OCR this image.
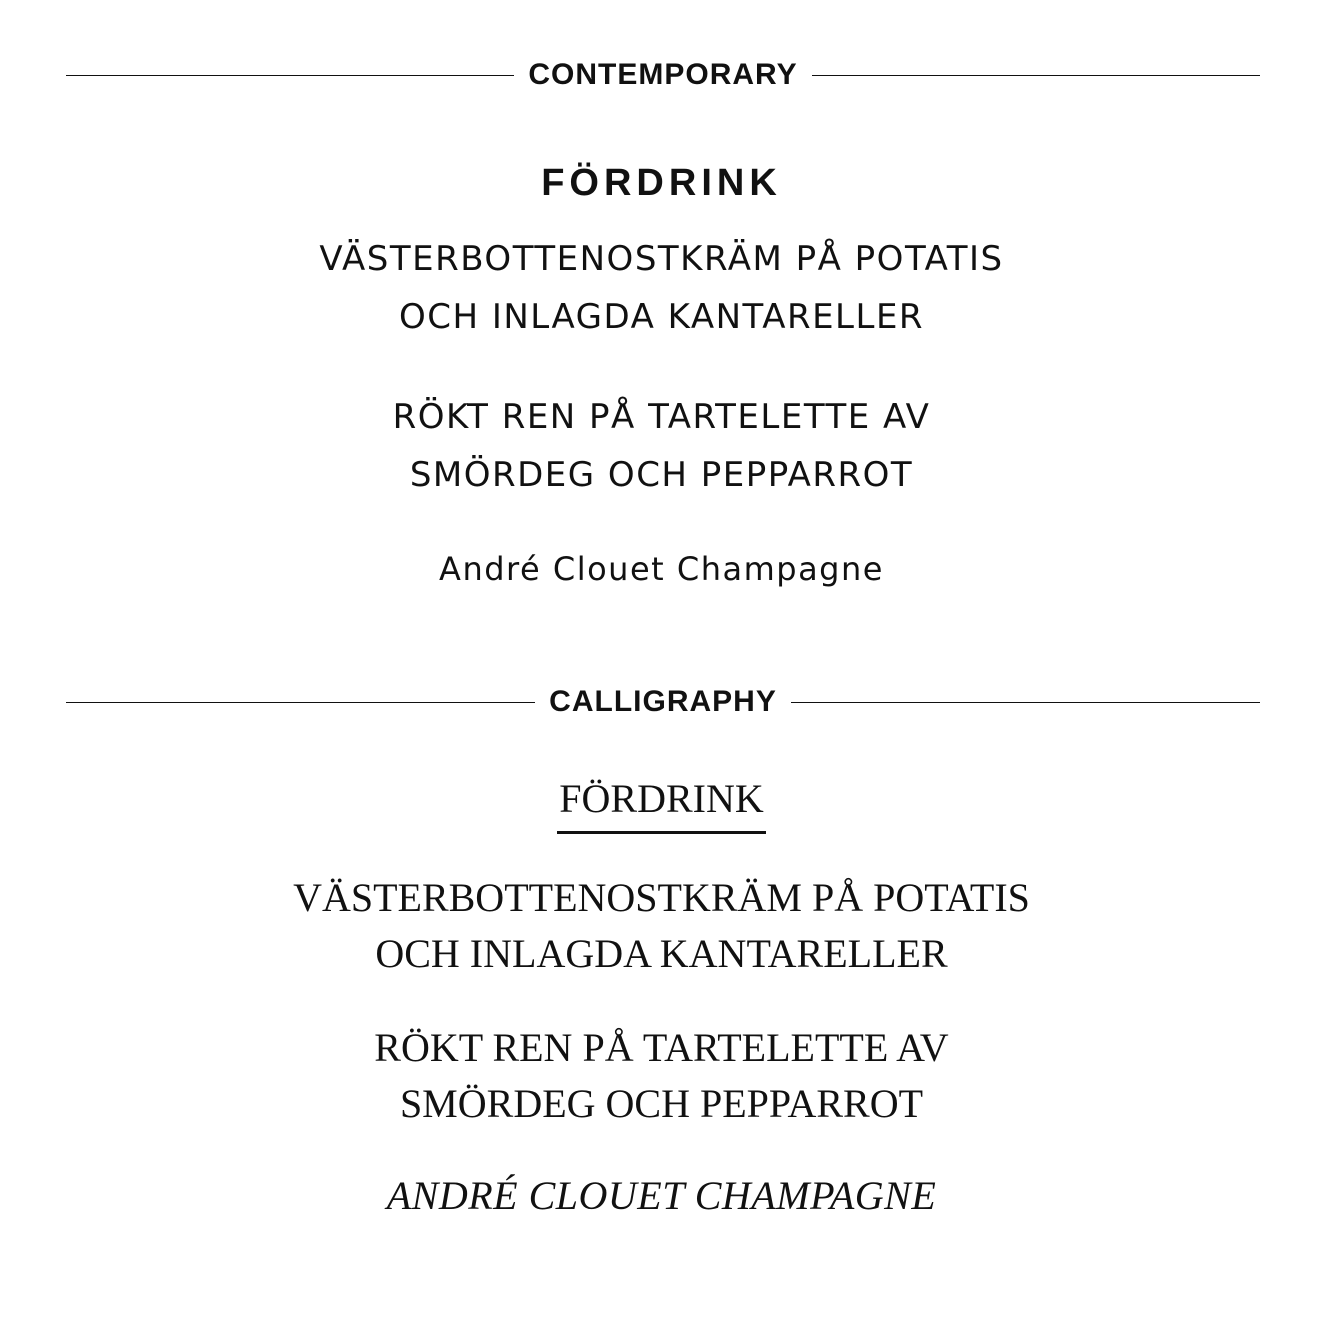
CONTEMPORARY
FÖRDRINK
VÄSTERBOTTENOSTKRÄM PÅ POTATIS
OCH INLAGDA KANTARELLER
RÖKT REN PÅ TARTELETTE AV
SMÖRDEG OCH PEPPARROT
André Clouet Champagne
CALLIGRAPHY
FÖRDRINK
VÄSTERBOTTENOSTKRÄM PÅ POTATIS
OCH INLAGDA KANTARELLER
RÖKT REN PÅ TARTELETTE AV
SMÖRDEG OCH PEPPARROT
ANDRÉ CLOUET CHAMPAGNE
